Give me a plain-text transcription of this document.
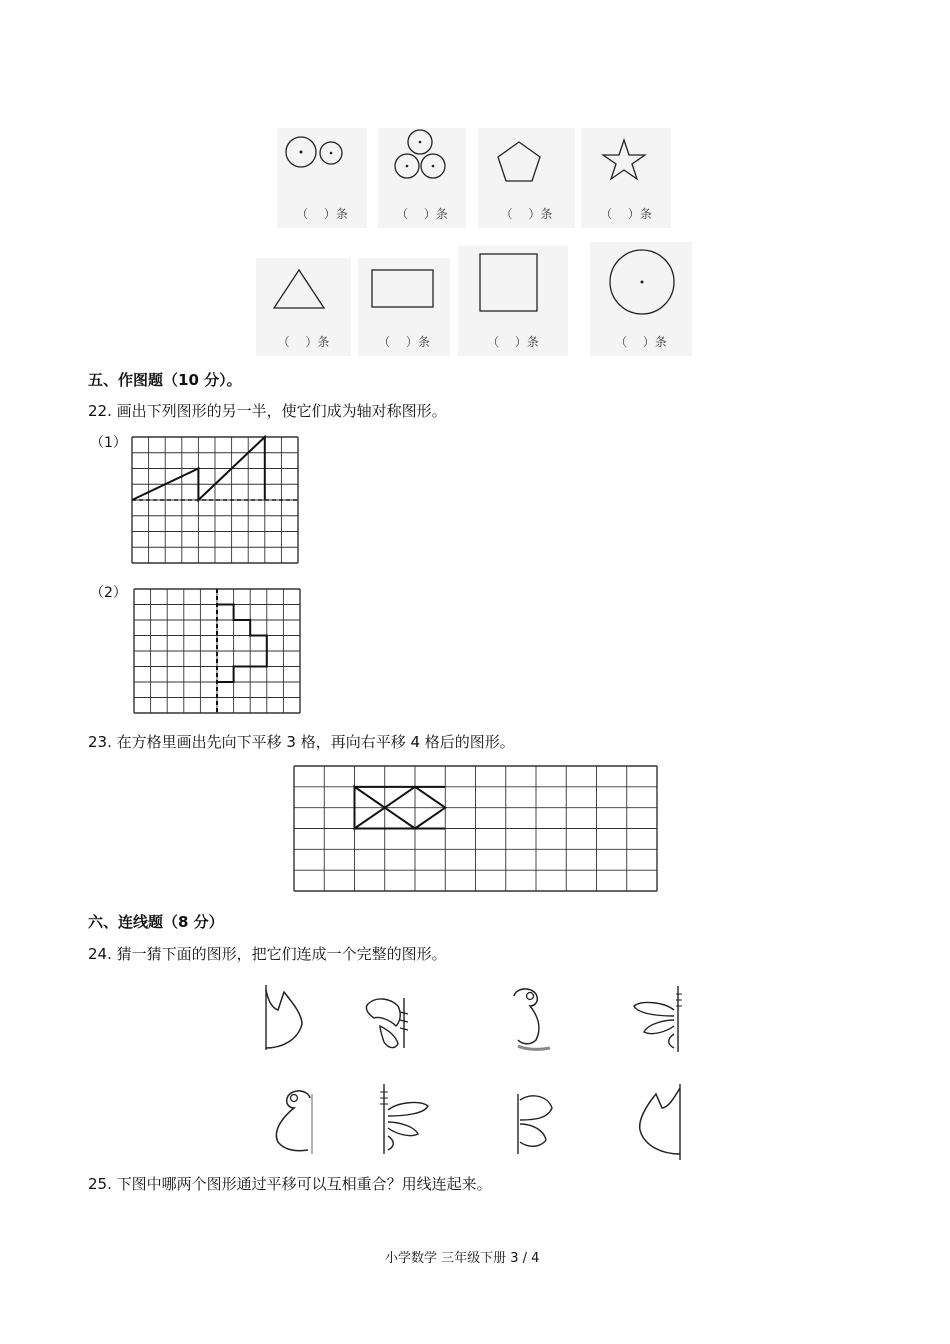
（　 ）条	（　 ）条	（　 ）条	（　 ）条
（　 ）条	（　 ）条	（　 ）条	（　 ）条
五、作图题（10 分）。
22. 画出下列图形的另一半，使它们成为轴对称图形。
（1）
（2）
23. 在方格里画出先向下平移 3 格，再向右平移 4 格后的图形。
六、连线题（8 分）
24. 猜一猜下面的图形，把它们连成一个完整的图形。
25. 下图中哪两个图形通过平移可以互相重合？用线连起来。
小学数学 三年级下册 3 / 4
